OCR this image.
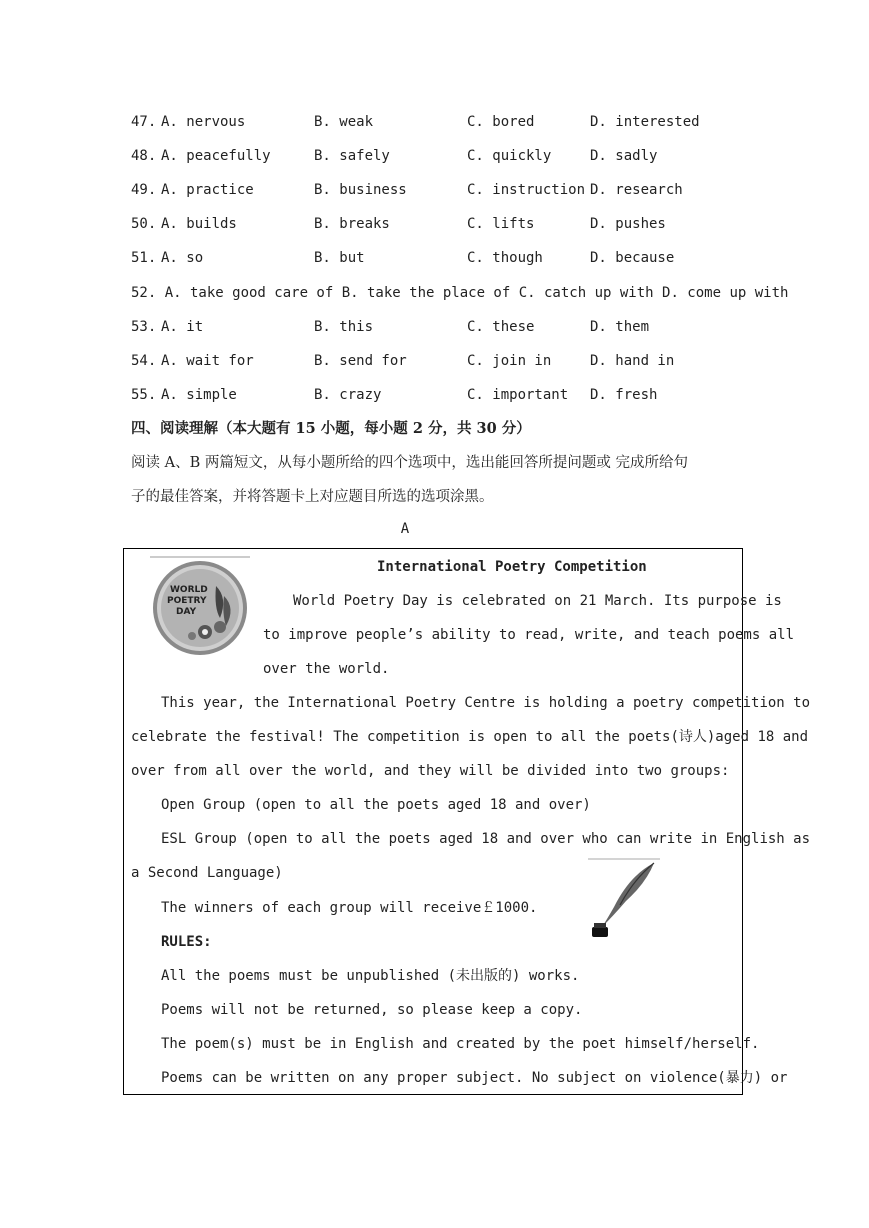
47. A. nervous	B. weak	C. bored	D. interested
48. A. peacefully	B. safely	C. quickly	D. sadly
49. A. practice	B. business	C. instruction D. research
50. A. builds	B. breaks	C. lifts	D. pushes
51. A. so	B. but	C. though	D. because
52. A. take good care of B. take the place of C. catch up with D. come up with
53. A. it	B. this	C. these	D. them
54. A. wait for	B. send for	C. join in	D. hand in
55. A. simple	B. crazy	C. important D. fresh
四、阅读理解（本大题有 15 小题，每小题 2 分，共 30 分）
阅读 A、B 两篇短文，从每小题所给的四个选项中，选出能回答所提问题或 完成所给句
子的最佳答案，并将答题卡上对应题目所选的选项涂黑。
A
WORLD
POETRY
DAY
International Poetry Competition
World Poetry Day is celebrated on 21 March. Its purpose is
to improve people’s ability to read, write, and teach poems all
over the world.
This year, the International Poetry Centre is holding a poetry competition to
celebrate the festival! The competition is open to all the poets(诗人)aged 18 and
over from all over the world, and they will be divided into two groups:
Open Group (open to all the poets aged 18 and over)
ESL Group (open to all the poets aged 18 and over who can write in English as
a Second Language)
The winners of each group will receive￡1000.
RULES:
All the poems must be unpublished (未出版的) works.
Poems will not be returned, so please keep a copy.
The poem(s) must be in English and created by the poet himself/herself.
Poems can be written on any proper subject. No subject on violence(暴力) or
